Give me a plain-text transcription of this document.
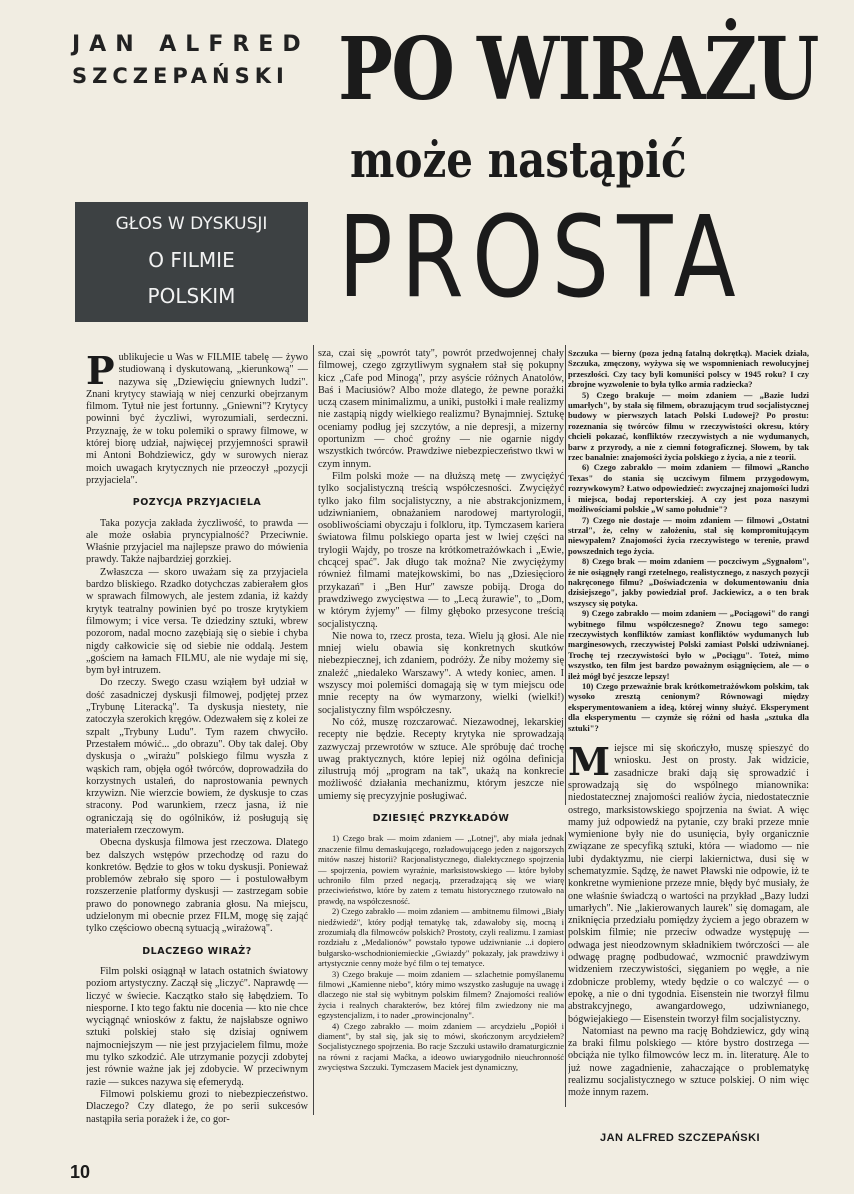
JAN ALFRED
SZCZEPAŃSKI
GŁOS W DYSKUSJI
O FILMIE
POLSKIM
PO WIRAŻU
może nastąpić
PROSTA

Publikujecie u Was w FILMIE tabelę — żywo studiowaną i dyskutowaną, „kierunkową" — nazywa się „Dziewięciu gniewnych ludzi". Znani krytycy stawiają w niej cenzurki obejrzanym filmom. Tytuł nie jest fortunny. „Gniewni"? Krytycy powinni być życzliwi, wyrozumiali, serdeczni. Przyznaję, że w toku polemiki o sprawy filmowe, w której biorę udział, najwięcej przyjemności sprawił mi Antoni Bohdziewicz, gdy w surowych nieraz moich uwagach krytycznych nie przeoczył „pozycji przyjaciela".

POZYCJA PRZYJACIELA

Taka pozycja zakłada życzliwość, to prawda — ale może osłabia pryncypialność? Przeciwnie. Właśnie przyjaciel ma najlepsze prawo do mówienia prawdy. Także najbardziej gorzkiej.

Zwłaszcza — skoro uważam się za przyjaciela bardzo bliskiego. Rzadko dotychczas zabierałem głos w sprawach filmowych, ale jestem zdania, iż każdy krytyk teatralny powinien być po trosze krytykiem filmowym; i vice versa. Te dziedziny sztuki, wbrew pozorom, nadal mocno zazębiają się o siebie i chyba nigdy całkowicie się od siebie nie oddalą. Jestem „gościem na łamach FILMU, ale nie wydaje mi się, bym był intruzem.

Do rzeczy. Swego czasu wziąłem był udział w dość zasadniczej dyskusji filmowej, podjętej przez „Trybunę Literacką". Ta dyskusja niestety, nie zatoczyła szerokich kręgów. Odezwałem się z kolei ze szpalt „Trybuny Ludu". Tym razem chwyciło. Przestałem mówić... „do obrazu". Oby tak dalej. Oby dyskusja o „wirażu" polskiego filmu wyszła z wąskich ram, objęła ogół twórców, doprowadziła do korzystnych ustaleń, do naprostowania pewnych krzywizn. Nie wierzcie bowiem, że dyskusje to czas stracony. Pod warunkiem, rzecz jasna, iż nie ograniczają się do ogólników, iż posługują się materiałem rzeczowym.

Obecna dyskusja filmowa jest rzeczowa. Dlatego bez dalszych wstępów przechodzę od razu do konkretów. Będzie to głos w toku dyskusji. Ponieważ problemów zebrało się sporo — i postulowałbym rozszerzenie platformy dyskusji — zastrzegam sobie prawo do ponownego zabrania głosu. Na miejscu, udzielonym mi obecnie przez FILM, mogę się zająć tylko częściowo obecną sytuacją „wirażową".

DLACZEGO WIRAŻ?

Film polski osiągnął w latach ostatnich światowy poziom artystyczny. Zaczął się „liczyć". Naprawdę — liczyć w świecie. Kaczątko stało się łabędziem. To niesporne. I kto tego faktu nie docenia — kto nie chce wyciągnąć wniosków z faktu, że najsłabsze ogniwo sztuki polskiej stało się dzisiaj ogniwem najmocniejszym — nie jest przyjacielem filmu, może mu tylko szkodzić. Ale utrzymanie pozycji zdobytej jest równie ważne jak jej zdobycie. W przeciwnym razie — sukces nazywa się efemerydą.

Filmowi polskiemu grozi to niebezpieczeństwo. Dlaczego? Czy dlatego, że po serii sukcesów nastąpiła seria porażek i że, co gor-

sza, czai się „powrót taty", powrót przedwojennej chały filmowej, czego zgrzytliwym sygnałem stał się pokupny kicz „Cafe pod Minogą", przy asyście różnych Anatolów, Baś i Maciusiów? Albo może dlatego, że pewne porażki uczą czasem minimalizmu, a uniki, pustołki i małe realizmy nie zastąpią nigdy wielkiego realizmu? Bynajmniej. Sztukę oceniamy podług jej szczytów, a nie depresji, a mizerny oportunizm — choć groźny — nie ogarnie nigdy wszystkich twórców. Prawdziwe niebezpieczeństwo tkwi w czym innym.

Film polski może — na dłuższą metę — zwyciężyć tylko socjalistyczną treścią współczesności. Zwyciężyć tylko jako film socjalistyczny, a nie abstrakcjonizmem, udziwnianiem, obnażaniem narodowej martyrologii, osobliwościami obyczaju i folkloru, itp. Tymczasem kariera światowa filmu polskiego oparta jest w lwiej części na trylogii Wajdy, po trosze na krótkometrażówkach i „Ewie, chcącej spać". Jak długo tak można? Nie zwyciężymy również filmami matejkowskimi, bo nas „Dziesięcioro przykazań" i „Ben Hur" zawsze pobiją. Droga do prawdziwego zwycięstwa — to „Lecą żurawie", to „Dom, w którym żyjemy" — filmy głęboko przesycone treścią socjalistyczną.

Nie nowa to, rzecz prosta, teza. Wielu ją głosi. Ale nie mniej wielu obawia się konkretnych skutków niebezpiecznej, ich zdaniem, podróży. Że niby możemy się znaleźć „niedaleko Warszawy". A wtedy koniec, amen. I wszyscy moi polemiści domagają się w tym miejscu ode mnie recepty na ów wymarzony, wielki (wielki!) socjalistyczny film współczesny.

No cóż, muszę rozczarować. Niezawodnej, lekarskiej recepty nie będzie. Recepty krytyka nie sprowadzają zazwyczaj przewrotów w sztuce. Ale spróbuję dać trochę uwag praktycznych, które lepiej niż ogólna definicja zilustrują mój „program na tak", ukażą na konkrecie możliwość działania mechanizmu, którym jeszcze nie umiemy się precyzyjnie posługiwać.

DZIESIĘĆ PRZYKŁADÓW

1) Czego brak — moim zdaniem — „Lotnej", aby miała jednak znaczenie filmu demaskującego, rozładowującego jeden z najgorszych mitów naszej historii? Racjonalistycznego, dialektycznego spojrzenia — spojrzenia, powiem wyraźnie, marksistowskiego — które byłoby uchroniło film przed negacją, przeradzającą się we wiarę przeciwieństwo, które by zatem z tematu historycznego rzutowało na prawdę, na współczesność.

2) Czego zabrakło — moim zdaniem — ambitnemu filmowi „Biały niedźwiedź", który podjął tematykę tak, zdawałoby się, mocną i zrozumiałą dla filmowców polskich? Prostoty, czyli realizmu. I zamiast rozdziału z „Medalionów" powstało typowe udziwnianie ...i dopiero bułgarsko-wschodnioniemieckie „Gwiazdy" pokazały, jak prawdziwy i artystycznie cenny może być film o tej tematyce.

3) Czego brakuje — moim zdaniem — szlachetnie pomyślanemu filmowi „Kamienne niebo", który mimo wszystko zasługuje na uwagę i dlaczego nie stał się wybitnym polskim filmem? Znajomości realiów życia i realnych charakterów, bez której film zwiedzony nie ma egzystencjalizm, i to nader „prowincjonalny".

4) Czego zabrakło — moim zdaniem — arcydziełu „Popiół i diament", by stał się, jak się to mówi, skończonym arcydziełem? Socjalistycznego spojrzenia. Bo racje Szczuki ustawiło dramaturgicznie na równi z racjami Maćka, a ideowo uwiarygodniło nieuchronność zwycięstwa Szczuki. Tymczasem Maciek jest dynamiczny,

Szczuka — bierny (poza jedną fatalną dokrętką). Maciek działa, Szczuka, zmęczony, wyżywa się we wspomnieniach rewolucyjnej przeszłości. Czy tacy byli komuniści polscy w 1945 roku? I czy zbrojne wyzwolenie to była tylko armia radziecka?

5) Czego brakuje — moim zdaniem — „Bazie ludzi umarłych", by stała się filmem, obrazującym trud socjalistycznej budowy w pierwszych latach Polski Ludowej? Po prostu: rozeznania się twórców filmu w rzeczywistości okresu, który chcieli pokazać, konfliktów rzeczywistych a nie wydumanych, barw z przyrody, a nie z ciemni fotograficznej. Słowem, by tak rzec banalnie: znajomości życia polskiego z życia, a nie z teorii.

6) Czego zabrakło — moim zdaniem — filmowi „Rancho Texas" do stania się uczciwym filmem przygodowym, rozrywkowym? Łatwo odpowiedzieć: zwyczajnej znajomości ludzi i miejsca, bodaj reporterskiej. A czy jest poza naszymi możliwościami polskie „W samo południe"?

7) Czego nie dostaje — moim zdaniem — filmowi „Ostatni strzał", że, celny w założeniu, stał się kompromitującym niewypałem? Znajomości życia rzeczywistego w terenie, prawd powszednich tego życia.

8) Czego brak — moim zdaniem — poczciwym „Sygnałom", że nie osiągnęły rangi rzetelnego, realistycznego, z naszych pozycji nakręconego filmu? „Doświadczenia w dokumentowaniu dnia dzisiejszego", jakby powiedział prof. Jackiewicz, a o ten brak wszyscy się potyka.

9) Czego zabrakło — moim zdaniem — „Pociągowi" do rangi wybitnego filmu współczesnego? Znowu tego samego: rzeczywistych konfliktów zamiast konfliktów wydumanych lub marginesowych, rzeczywistej Polski zamiast Polski udziwnianej. Trochę tej rzeczywistości było w „Pociągu". Toteż, mimo wszystko, ten film jest bardzo poważnym osiągnięciem, ale — o ileż mógł być jeszcze lepszy!

10) Czego przeważnie brak krótkometrażówkom polskim, tak wysoko zresztą cenionym? Równowagi między eksperymentowaniem a ideą, której winny służyć. Eksperyment dla eksperymentu — czymże się różni od hasła „sztuka dla sztuki"?

Miejsce mi się skończyło, muszę spieszyć do wniosku. Jest on prosty. Jak widzicie, zasadnicze braki dają się sprowadzić i sprowadzają się do wspólnego mianownika: niedostatecznej znajomości realiów życia, niedostatecznie ostrego, marksistowskiego spojrzenia na świat. A więc mamy już odpowiedź na pytanie, czy braki przeze mnie wymienione były nie do usunięcia, były organicznie związane ze specyfiką sztuki, która — wiadomo — nie lubi dydaktyzmu, nie cierpi lakiernictwa, dusi się w schematyzmie. Sądzę, że nawet Pławski nie odpowie, iż te konkretne wymienione przeze mnie, błędy być musiały, że one właśnie świadczą o wartości na przykład „Bazy ludzi umarłych". Nie „lakierowanych laurek" się domagam, ale zniknięcia przedziału pomiędzy życiem a jego obrazem w polskim filmie; nie przeciw odwadze występuję — odwaga jest nieodzownym składnikiem twórczości — ale odwagę pragnę podbudować, wzmocnić prawdziwym widzeniem rzeczywistości, sięganiem po węgłe, a nie zdobnicze problemy, wtedy będzie o co walczyć — o epokę, a nie o dni tygodnia. Eisenstein nie tworzył filmu abstrakcyjnego, awangardowego, udziwnianego, bógwiejakiego — Eisenstein tworzył film socjalistyczny.

Natomiast na pewno ma rację Bohdziewicz, gdy winą za braki filmu polskiego — które bystro dostrzega — obciąża nie tylko filmowców lecz m. in. literaturę. Ale to już nowe zagadnienie, zahaczające o problematykę realizmu socjalistycznego w sztuce polskiej. O nim więc może innym razem.

JAN ALFRED SZCZEPAŃSKI
10
